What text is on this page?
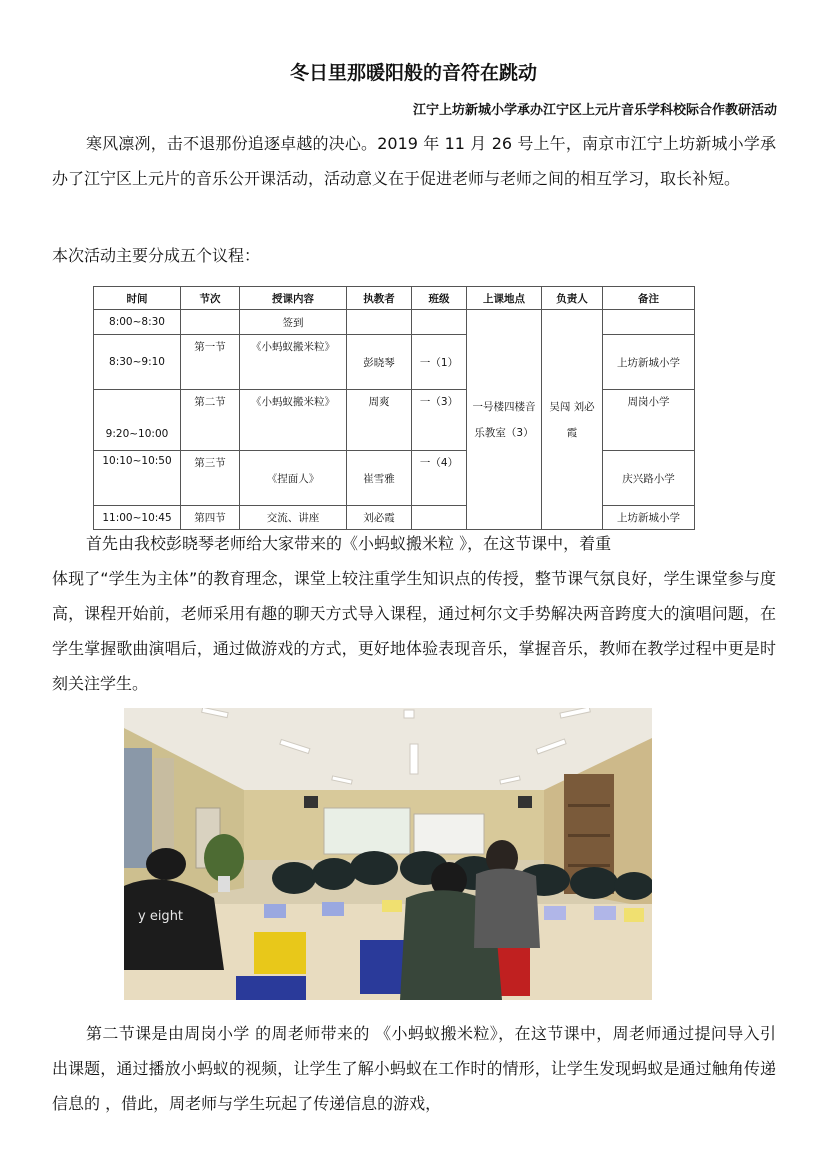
冬日里那暖阳般的音符在跳动
江宁上坊新城小学承办江宁区上元片音乐学科校际合作教研活动

寒风凛冽，击不退那份追逐卓越的决心。2019 年 11 月 26 号上午，南京市江宁上坊新城小学承办了江宁区上元片的音乐公开课活动，活动意义在于促进老师与老师之间的相互学习，取长补短。

本次活动主要分成五个议程：

时间	节次	授课内容	执教者	班级	上课地点	负责人	备注
8:00~8:30		签到			一号楼四楼音乐教室（3）	吴闯 刘必霞	
8:30~9:10	第一节	《小蚂蚁搬米粒》	彭晓琴	一（1）			上坊新城小学
9:20~10:00	第二节	《小蚂蚁搬米粒》	周爽	一（3）			周岗小学
10:10~10:50	第三节	《捏面人》	崔雪雅	一（4）			庆兴路小学
11:00~10:45	第四节	交流、讲座	刘必霞				上坊新城小学
首先由我校彭晓琴老师给大家带来的《小蚂蚁搬米粒 》，在这节课中，着重
体现了“学生为主体”的教育理念，课堂上较注重学生知识点的传授，整节课气氛良好，学生课堂参与度高，课程开始前，老师采用有趣的聊天方式导入课程，通过柯尔文手势解决两音跨度大的演唱问题，在学生掌握歌曲演唱后，通过做游戏的方式，更好地体验表现音乐，掌握音乐，教师在教学过程中更是时刻关注学生。
y eight

第二节课是由周岗小学 的周老师带来的 《小蚂蚁搬米粒》，在这节课中，周老师通过提问导入引出课题，通过播放小蚂蚁的视频，让学生了解小蚂蚁在工作时的情形，让学生发现蚂蚁是通过触角传递信息的 ，借此，周老师与学生玩起了传递信息的游戏，
